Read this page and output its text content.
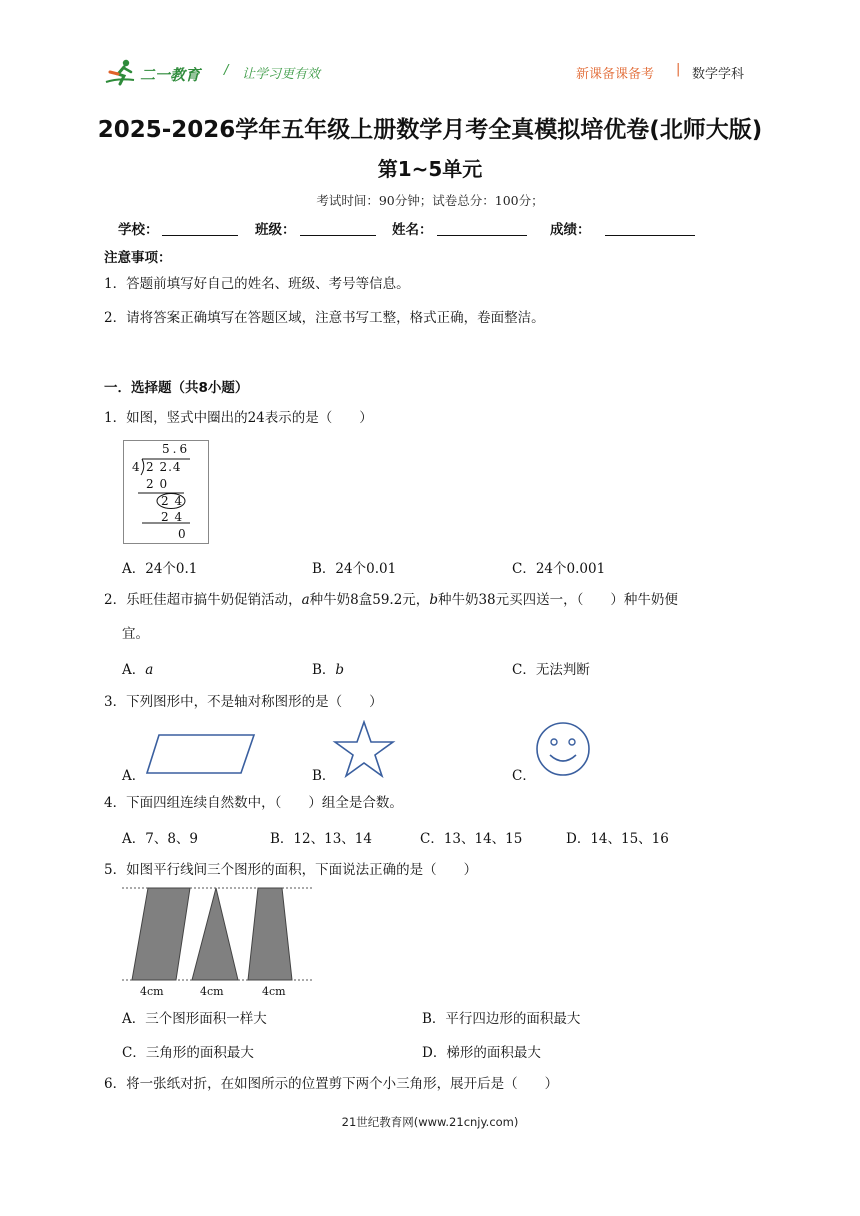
二一教育 / 让学习更有效	新课备课备考 | 数学学科
2025-2026学年五年级上册数学月考全真模拟培优卷(北师大版)
第1~5单元
考试时间：90分钟；试卷总分：100分；
学校：	班级：	姓名：	成绩：
注意事项：
1．答题前填写好自己的姓名、班级、考号等信息。
2．请将答案正确填写在答题区域，注意书写工整，格式正确，卷面整洁。
一．选择题（共8小题）
1．如图，竖式中圈出的24表示的是（　　）
5.6
4 2 2.4
2 0
2 4
2 4
0
A．24个0.1	B．24个0.01	C．24个0.001
2．乐旺佳超市搞牛奶促销活动，a种牛奶8盒59.2元，b种牛奶38元买四送一，（　　）种牛奶便
宜。
A．a	B．b	C．无法判断
3．下列图形中，不是轴对称图形的是（　　）
A．	B．	C．
4．下面四组连续自然数中，（　　）组全是合数。
A．7、8、9	B．12、13、14	C．13、14、15	D．14、15、16
5．如图平行线间三个图形的面积，下面说法正确的是（　　）
4cm	4cm	4cm
A．三个图形面积一样大	B．平行四边形的面积最大
C．三角形的面积最大	D．梯形的面积最大
6．将一张纸对折，在如图所示的位置剪下两个小三角形，展开后是（　　）
21世纪教育网(www.21cnjy.com)
